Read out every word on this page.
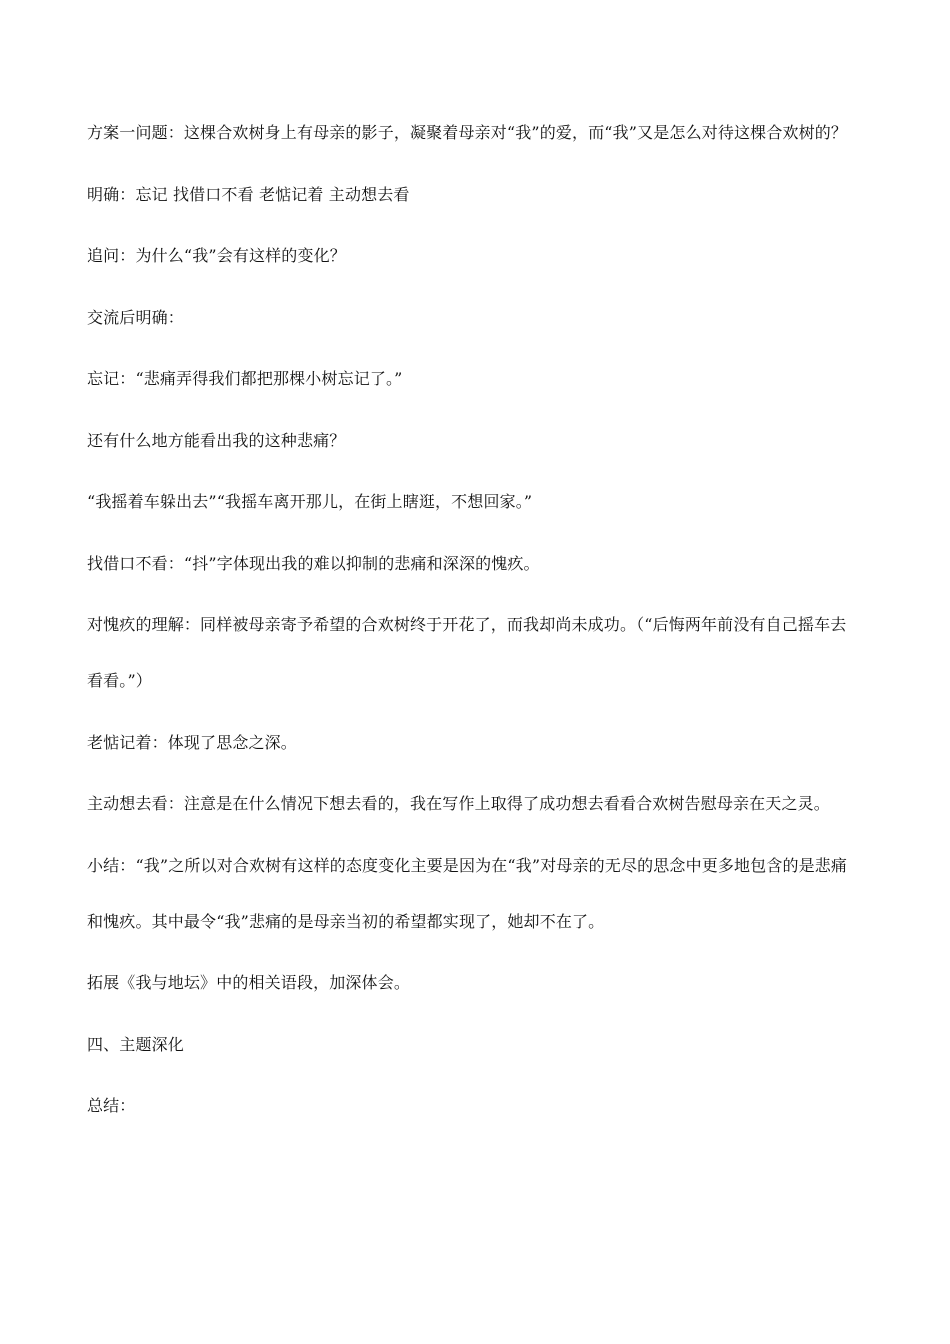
方案一问题：这棵合欢树身上有母亲的影子，凝聚着母亲对“我”的爱，而“我”又是怎么对待这棵合欢树的？

明确：忘记 找借口不看 老惦记着 主动想去看

追问：为什么“我”会有这样的变化？

交流后明确：

忘记：“悲痛弄得我们都把那棵小树忘记了。”

还有什么地方能看出我的这种悲痛？

“我摇着车躲出去”“我摇车离开那儿，在街上瞎逛，不想回家。”

找借口不看：“抖”字体现出我的难以抑制的悲痛和深深的愧疚。

对愧疚的理解：同样被母亲寄予希望的合欢树终于开花了，而我却尚未成功。（“后悔两年前没有自己摇车去看看。”）

老惦记着：体现了思念之深。

主动想去看：注意是在什么情况下想去看的，我在写作上取得了成功想去看看合欢树告慰母亲在天之灵。

小结：“我”之所以对合欢树有这样的态度变化主要是因为在“我”对母亲的无尽的思念中更多地包含的是悲痛和愧疚。其中最令“我”悲痛的是母亲当初的希望都实现了，她却不在了。

拓展《我与地坛》中的相关语段，加深体会。

四、主题深化

总结：
